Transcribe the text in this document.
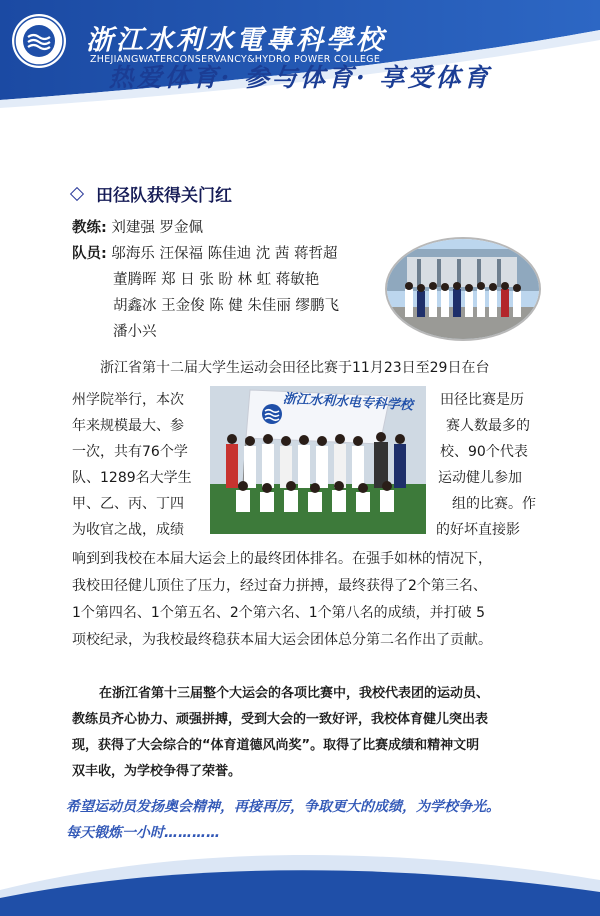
浙江水利水電專科學校
ZHEJIANGWATERCONSERVANCY&HYDRO POWER COLLEGE
热爱体育· 参与体育· 享受体育
田径队获得关门红
教练: 刘建强 罗金佩
队员: 邬海乐 汪保福 陈佳迪 沈 茜 蒋哲超
董腾晖 郑 日 张 盼 林 虹 蒋敏艳
胡鑫冰 王金俊 陈 健 朱佳丽 缪鹏飞
潘小兴
浙江水利水电专科学校
浙江省第十二届大学生运动会田径比赛于11月23日至29日在台
州学院举行，本次	田径比赛是历
年来规模最大、参	赛人数最多的
一次，共有76个学	校、90个代表
队、1289名大学生	运动健儿参加
甲、乙、丙、丁四	组的比赛。作
为收官之战，成绩	的好坏直接影
响到到我校在本届大运会上的最终团体排名。在强手如林的情况下，
我校田径健儿顶住了压力，经过奋力拼搏，最终获得了2个第三名、
1个第四名、1个第五名、2个第六名、1个第八名的成绩，并打破 5
项校纪录，为我校最终稳获本届大运会团体总分第二名作出了贡献。
在浙江省第十三届整个大运会的各项比赛中，我校代表团的运动员、
教练员齐心协力、顽强拼搏，受到大会的一致好评，我校体育健儿突出表
现，获得了大会综合的“体育道德风尚奖”。取得了比赛成绩和精神文明
双丰收，为学校争得了荣誉。
希望运动员发扬奥会精神，再接再厉，争取更大的成绩，为学校争光。
每天锻炼一小时…………
